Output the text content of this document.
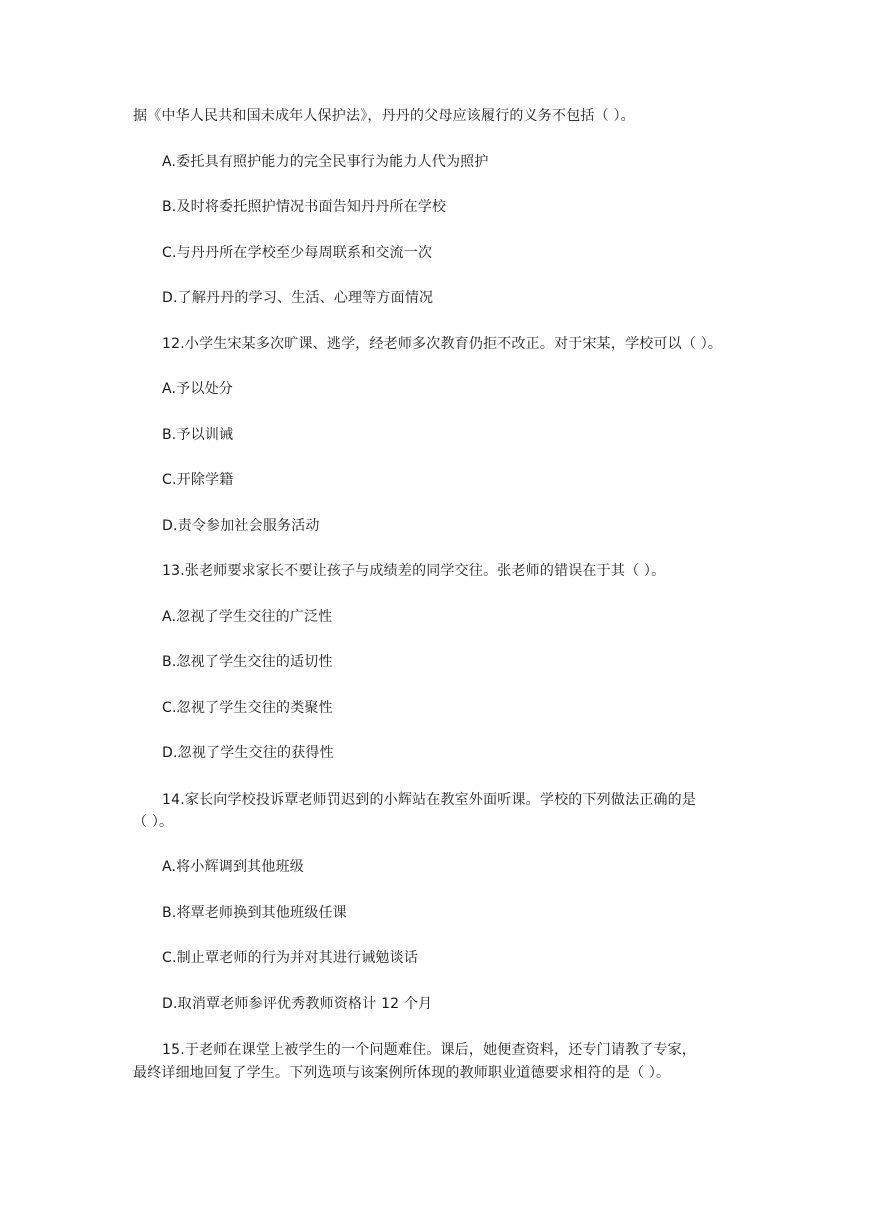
据《中华人民共和国未成年人保护法》，丹丹的父母应该履行的义务不包括（ ）。
A.委托具有照护能力的完全民事行为能力人代为照护
B.及时将委托照护情况书面告知丹丹所在学校
C.与丹丹所在学校至少每周联系和交流一次
D.了解丹丹的学习、生活、心理等方面情况
12.小学生宋某多次旷课、逃学，经老师多次教育仍拒不改正。对于宋某，学校可以（ ）。
A.予以处分
B.予以训诫
C.开除学籍
D.责令参加社会服务活动
13.张老师要求家长不要让孩子与成绩差的同学交往。张老师的错误在于其（ ）。
A.忽视了学生交往的广泛性
B.忽视了学生交往的适切性
C.忽视了学生交往的类聚性
D.忽视了学生交往的获得性
14.家长向学校投诉覃老师罚迟到的小辉站在教室外面听课。学校的下列做法正确的是
（ ）。
A.将小辉调到其他班级
B.将覃老师换到其他班级任课
C.制止覃老师的行为并对其进行诫勉谈话
D.取消覃老师参评优秀教师资格计 12 个月
15.于老师在课堂上被学生的一个问题难住。课后，她便查资料，还专门请教了专家，
最终详细地回复了学生。下列选项与该案例所体现的教师职业道德要求相符的是（ ）。
